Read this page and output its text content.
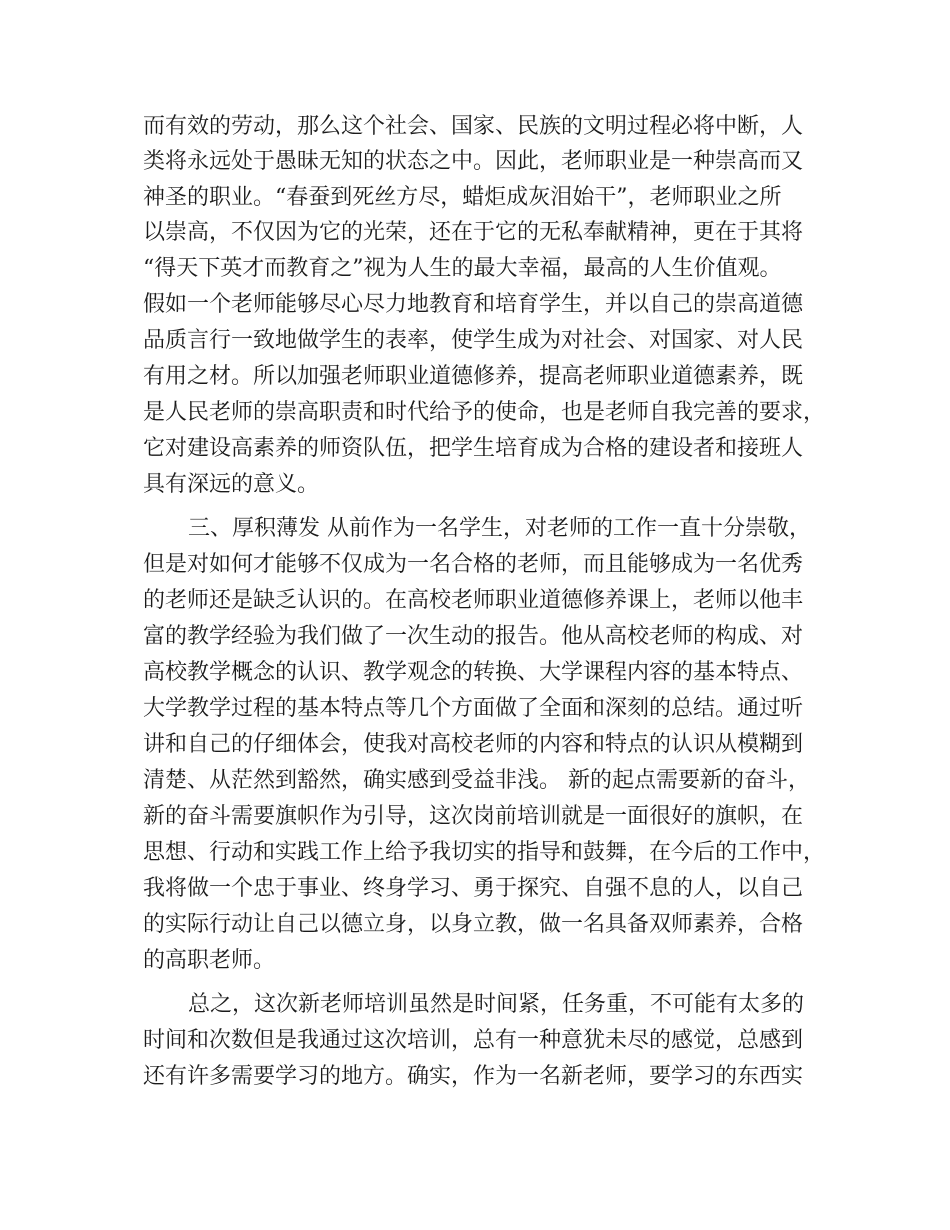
而有效的劳动，那么这个社会、国家、民族的文明过程必将中断，人
类将永远处于愚昧无知的状态之中。因此，老师职业是一种崇高而又
神圣的职业。“春蚕到死丝方尽，蜡炬成灰泪始干”，老师职业之所
以崇高，不仅因为它的光荣，还在于它的无私奉献精神，更在于其将
“得天下英才而教育之”视为人生的最大幸福，最高的人生价值观。
假如一个老师能够尽心尽力地教育和培育学生，并以自己的崇高道德
品质言行一致地做学生的表率，使学生成为对社会、对国家、对人民
有用之材。所以加强老师职业道德修养，提高老师职业道德素养，既
是人民老师的崇高职责和时代给予的使命，也是老师自我完善的要求，
它对建设高素养的师资队伍，把学生培育成为合格的建设者和接班人
具有深远的意义。
三、厚积薄发 从前作为一名学生，对老师的工作一直十分崇敬，
但是对如何才能够不仅成为一名合格的老师，而且能够成为一名优秀
的老师还是缺乏认识的。在高校老师职业道德修养课上，老师以他丰
富的教学经验为我们做了一次生动的报告。他从高校老师的构成、对
高校教学概念的认识、教学观念的转换、大学课程内容的基本特点、
大学教学过程的基本特点等几个方面做了全面和深刻的总结。通过听
讲和自己的仔细体会，使我对高校老师的内容和特点的认识从模糊到
清楚、从茫然到豁然，确实感到受益非浅。 新的起点需要新的奋斗，
新的奋斗需要旗帜作为引导，这次岗前培训就是一面很好的旗帜，在
思想、行动和实践工作上给予我切实的指导和鼓舞，在今后的工作中，
我将做一个忠于事业、终身学习、勇于探究、自强不息的人，以自己
的实际行动让自己以德立身，以身立教，做一名具备双师素养，合格
的高职老师。
总之，这次新老师培训虽然是时间紧，任务重，不可能有太多的
时间和次数但是我通过这次培训，总有一种意犹未尽的感觉，总感到
还有许多需要学习的地方。确实，作为一名新老师，要学习的东西实
